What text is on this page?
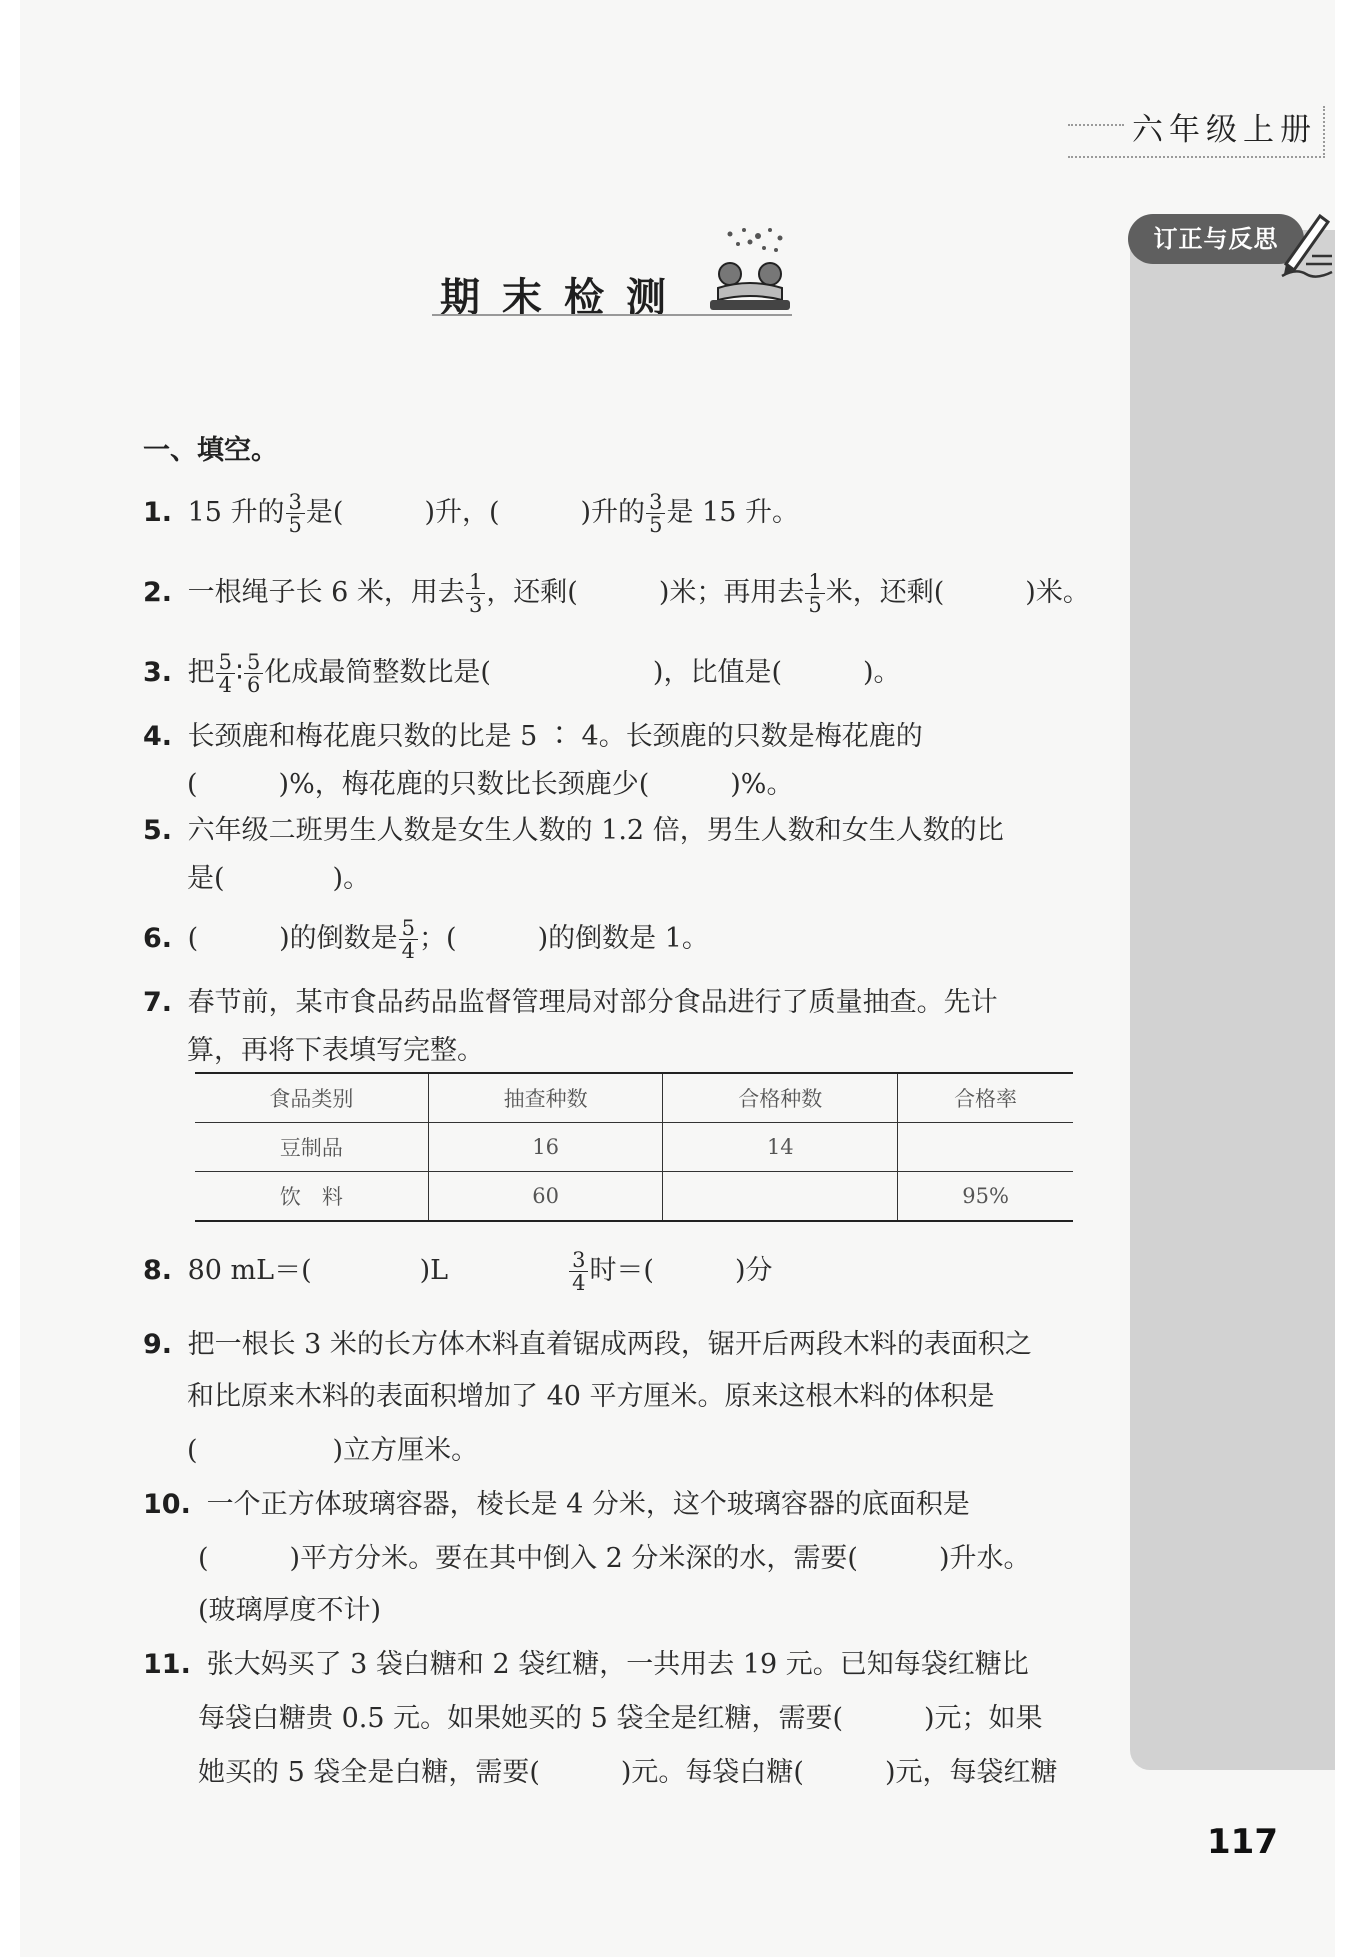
六年级上册
订正与反思
期末检测
一、填空。
1. 15 升的 $\frac{3}{5}$ 是(　　　)升，(　　　)升的 $\frac{3}{5}$ 是 15 升。
2. 一根绳子长 6 米，用去 $\frac{1}{3}$ ，还剩(　　　)米；再用去 $\frac{1}{5}$ 米，还剩(　　　)米。
3. 把 $\frac{5}{4}$ ∶ $\frac{5}{6}$ 化成最简整数比是(　　　　　　)，比值是(　　　)。
4. 长颈鹿和梅花鹿只数的比是 5 ∶ 4。长颈鹿的只数是梅花鹿的
(　　　)%，梅花鹿的只数比长颈鹿少(　　　)%。
5. 六年级二班男生人数是女生人数的 1.2 倍，男生人数和女生人数的比
是(　　　　)。
6. (　　　)的倒数是 $\frac{5}{4}$ ；(　　　)的倒数是 1。
7. 春节前，某市食品药品监督管理局对部分食品进行了质量抽查。先计
算，再将下表填写完整。
食品类别	抽查种数	合格种数	合格率
豆制品	16	14	
饮　料	60		95%
8. 80 mL＝(　　　　)L	$\frac{3}{4}$ 时＝(　　　)分
9. 把一根长 3 米的长方体木料直着锯成两段，锯开后两段木料的表面积之
和比原来木料的表面积增加了 40 平方厘米。原来这根木料的体积是
(　　　　　)立方厘米。
10. 一个正方体玻璃容器，棱长是 4 分米，这个玻璃容器的底面积是
(　　　)平方分米。要在其中倒入 2 分米深的水，需要(　　　)升水。
(玻璃厚度不计)
11. 张大妈买了 3 袋白糖和 2 袋红糖，一共用去 19 元。已知每袋红糖比
每袋白糖贵 0.5 元。如果她买的 5 袋全是红糖，需要(　　　)元；如果
她买的 5 袋全是白糖，需要(　　　)元。每袋白糖(　　　)元，每袋红糖
117
